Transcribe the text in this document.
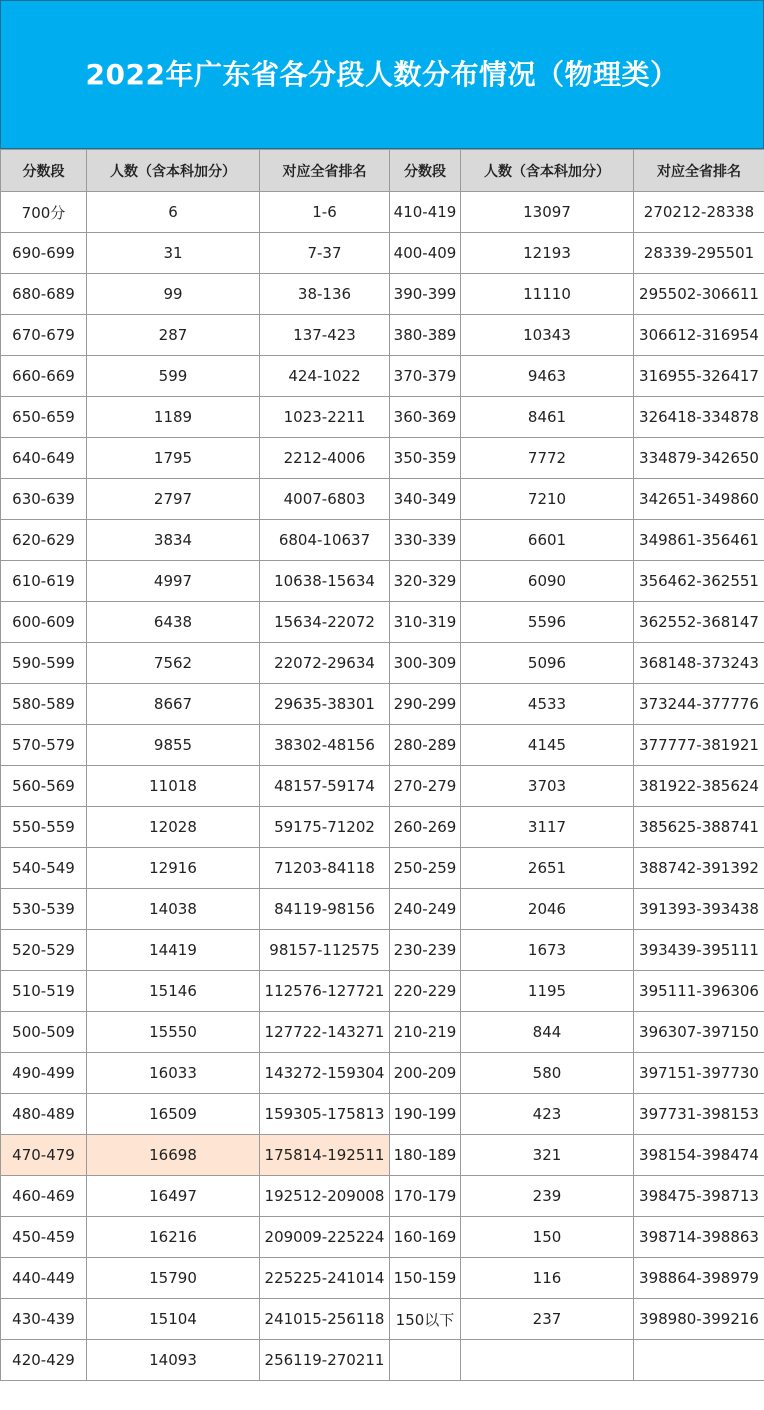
2022年广东省各分段人数分布情况（物理类）
分数段	人数（含本科加分）	对应全省排名	分数段	人数（含本科加分）	对应全省排名
700分	6	1-6	410-419	13097	270212-28338
690-699	31	7-37	400-409	12193	28339-295501
680-689	99	38-136	390-399	11110	295502-306611
670-679	287	137-423	380-389	10343	306612-316954
660-669	599	424-1022	370-379	9463	316955-326417
650-659	1189	1023-2211	360-369	8461	326418-334878
640-649	1795	2212-4006	350-359	7772	334879-342650
630-639	2797	4007-6803	340-349	7210	342651-349860
620-629	3834	6804-10637	330-339	6601	349861-356461
610-619	4997	10638-15634	320-329	6090	356462-362551
600-609	6438	15634-22072	310-319	5596	362552-368147
590-599	7562	22072-29634	300-309	5096	368148-373243
580-589	8667	29635-38301	290-299	4533	373244-377776
570-579	9855	38302-48156	280-289	4145	377777-381921
560-569	11018	48157-59174	270-279	3703	381922-385624
550-559	12028	59175-71202	260-269	3117	385625-388741
540-549	12916	71203-84118	250-259	2651	388742-391392
530-539	14038	84119-98156	240-249	2046	391393-393438
520-529	14419	98157-112575	230-239	1673	393439-395111
510-519	15146	112576-127721	220-229	1195	395111-396306
500-509	15550	127722-143271	210-219	844	396307-397150
490-499	16033	143272-159304	200-209	580	397151-397730
480-489	16509	159305-175813	190-199	423	397731-398153
470-479	16698	175814-192511	180-189	321	398154-398474
460-469	16497	192512-209008	170-179	239	398475-398713
450-459	16216	209009-225224	160-169	150	398714-398863
440-449	15790	225225-241014	150-159	116	398864-398979
430-439	15104	241015-256118	150以下	237	398980-399216
420-429	14093	256119-270211			
